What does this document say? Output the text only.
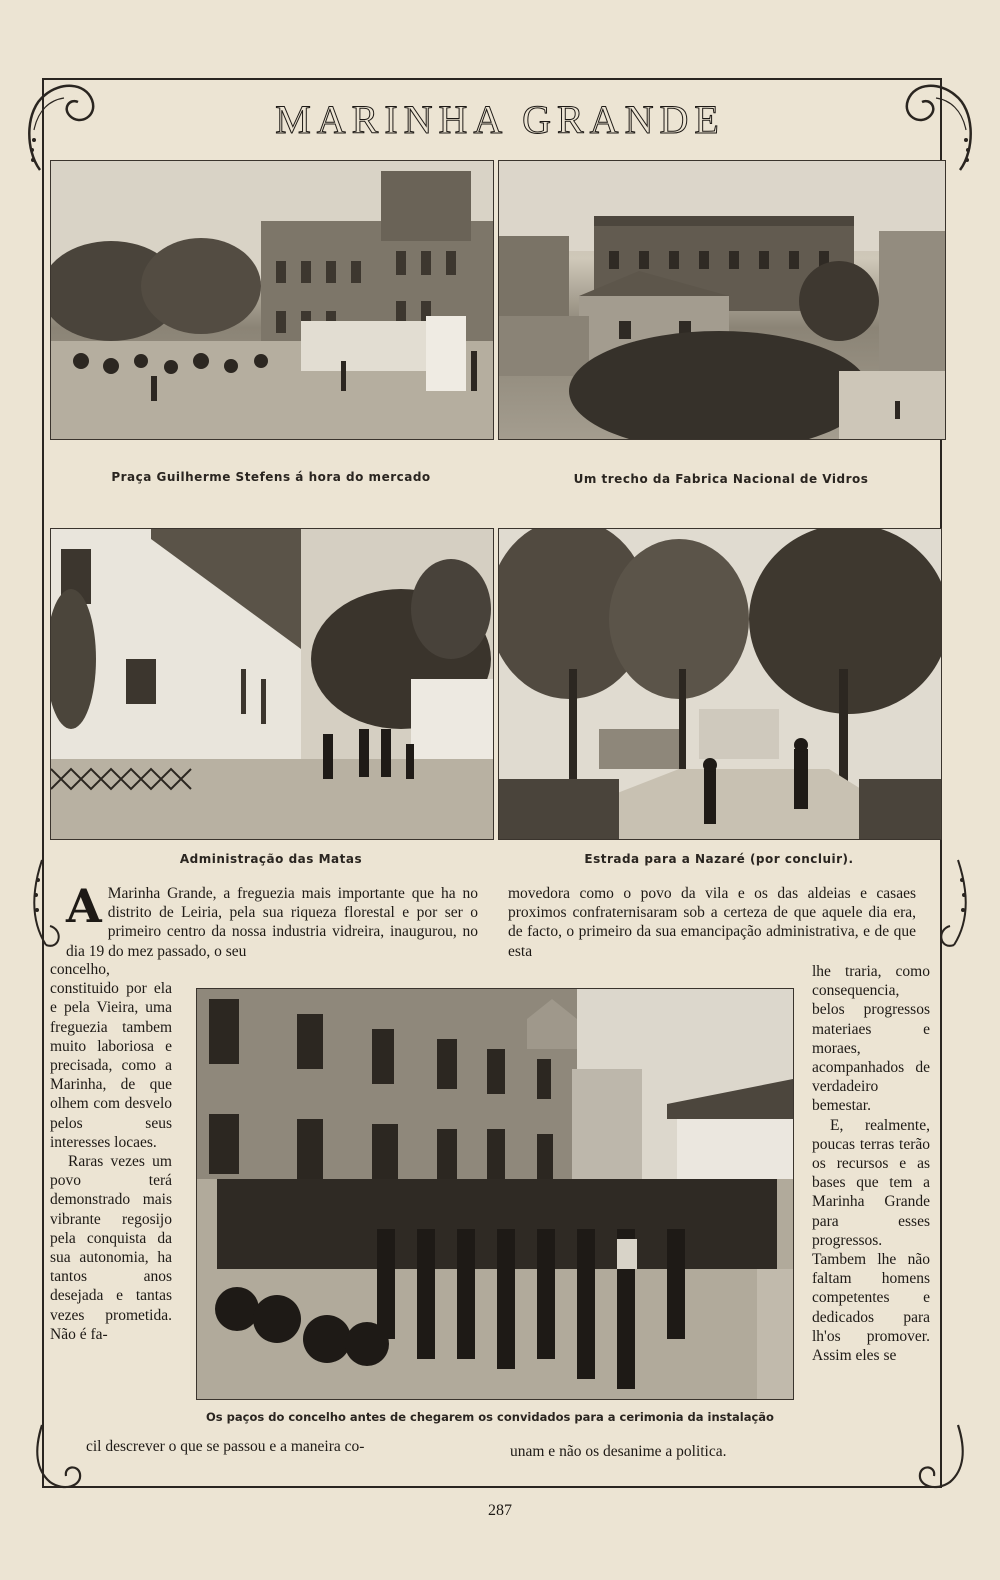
MARINHA GRANDE
Praça Guilherme Stefens á hora do mercado	Um trecho da Fabrica Nacional de Vidros
Administração das Matas	Estrada para a Nazaré (por concluir).
Os paços do concelho antes de chegarem os convidados para a cerimonia da instalação
A Marinha Grande, a freguezia mais importante que ha no distrito de Leiria, pela sua riqueza florestal e por ser o primeiro centro da nossa industria vidreira, inaugurou, no dia 19 do mez passado, o seu

concelho, constituido por ela e pela Vieira, uma freguezia tambem muito laboriosa e precisada, como a Marinha, de que olhem com desvelo pelos seus interesses locaes.

Raras vezes um povo terá demonstrado mais vibrante regosijo pela conquista da sua autonomia, ha tantos anos desejada e tantas vezes prometida. Não é fa-

cil descrever o que se passou e a maneira co-
movedora como o povo da vila e os das aldeias e casaes proximos confraternisaram sob a certeza de que aquele dia era, de facto, o primeiro da sua emancipação administrativa, e de que esta

lhe traria, como consequencia, belos progressos materiaes e moraes, acompanhados de verdadeiro bemestar.

E, realmente, poucas terras terão os recursos e as bases que tem a Marinha Grande para esses progressos. Tambem lhe não faltam homens competentes e dedicados para lh'os promover. Assim eles se

unam e não os desanime a politica.
287
